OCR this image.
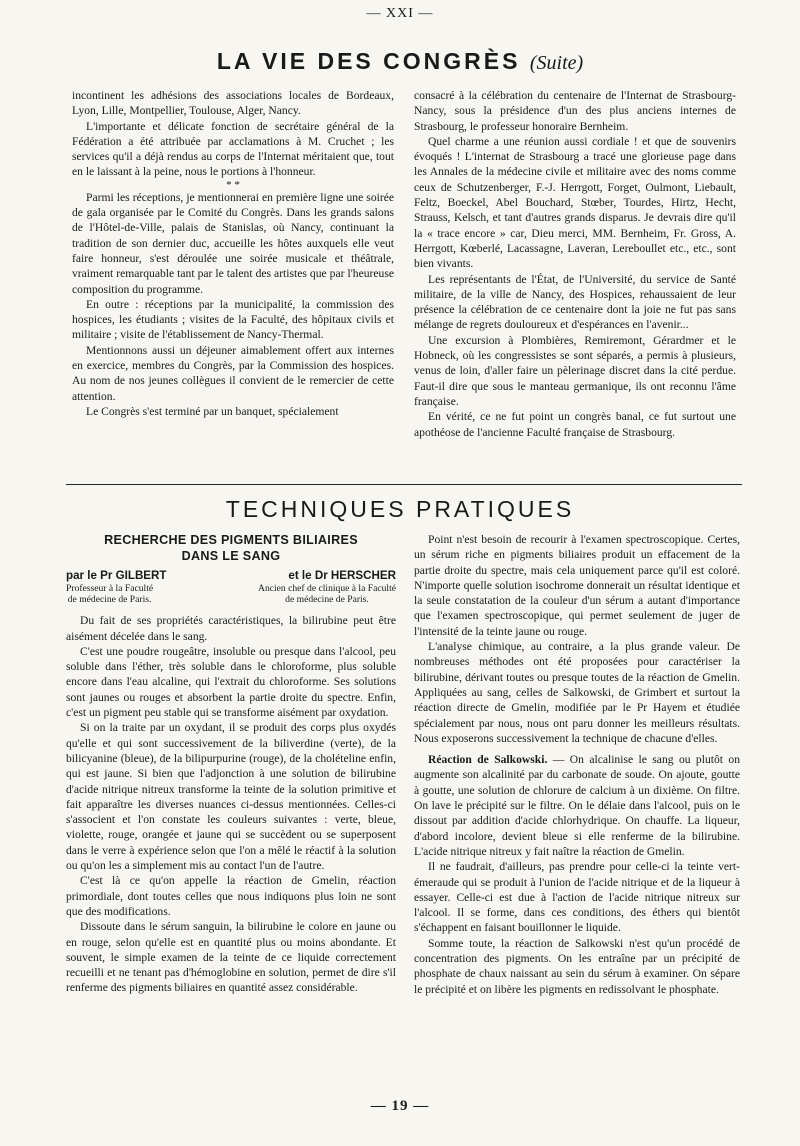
— XXI —
LA VIE DES CONGRÈS (Suite)

incontinent les adhésions des associations locales de Bordeaux, Lyon, Lille, Montpellier, Toulouse, Alger, Nancy.

L'importante et délicate fonction de secrétaire général de la Fédération a été attribuée par acclamations à M. Cruchet ; les services qu'il a déjà rendus au corps de l'Internat méritaient que, tout en le laissant à la peine, nous le portions à l'honneur.

* *

Parmi les réceptions, je mentionnerai en première ligne une soirée de gala organisée par le Comité du Congrès. Dans les grands salons de l'Hôtel-de-Ville, palais de Stanislas, où Nancy, continuant la tradition de son dernier duc, accueille les hôtes auxquels elle veut faire honneur, s'est déroulée une soirée musicale et théâtrale, vraiment remarquable tant par le talent des artistes que par l'heureuse composition du programme.

En outre : réceptions par la municipalité, la commission des hospices, les étudiants ; visites de la Faculté, des hôpitaux civils et militaire ; visite de l'établissement de Nancy-Thermal.

Mentionnons aussi un déjeuner aimablement offert aux internes en exercice, membres du Congrès, par la Commission des hospices. Au nom de nos jeunes collègues il convient de le remercier de cette attention.

Le Congrès s'est terminé par un banquet, spécialement

consacré à la célébration du centenaire de l'Internat de Strasbourg-Nancy, sous la présidence d'un des plus anciens internes de Strasbourg, le professeur honoraire Bernheim.

Quel charme a une réunion aussi cordiale ! et que de souvenirs évoqués ! L'internat de Strasbourg a tracé une glorieuse page dans les Annales de la médecine civile et militaire avec des noms comme ceux de Schutzenberger, F.-J. Herrgott, Forget, Oulmont, Liebault, Feltz, Boeckel, Abel Bouchard, Stœber, Tourdes, Hirtz, Hecht, Strauss, Kelsch, et tant d'autres grands disparus. Je devrais dire qu'il la « trace encore » car, Dieu merci, MM. Bernheim, Fr. Gross, A. Herrgott, Kœberlé, Lacassagne, Laveran, Lereboullet etc., etc., sont bien vivants.

Les représentants de l'État, de l'Université, du service de Santé militaire, de la ville de Nancy, des Hospices, rehaussaient de leur présence la célébration de ce centenaire dont la joie ne fut pas sans mélange de regrets douloureux et d'espérances en l'avenir...

Une excursion à Plombières, Remiremont, Gérardmer et le Hobneck, où les congressistes se sont séparés, a permis à plusieurs, venus de loin, d'aller faire un pèlerinage discret dans la cité perdue. Faut-il dire que sous le manteau germanique, ils ont reconnu l'âme française.

En vérité, ce ne fut point un congrès banal, ce fut surtout une apothéose de l'ancienne Faculté française de Strasbourg.

TECHNIQUES PRATIQUES
RECHERCHE DES PIGMENTS BILIAIRES
DANS LE SANG
par le Pr GILBERT	et le Dr HERSCHER
Professeur à la Faculté
de médecine de Paris.
Ancien chef de clinique à la Faculté
de médecine de Paris.

Du fait de ses propriétés caractéristiques, la bilirubine peut être aisément décelée dans le sang.

C'est une poudre rougeâtre, insoluble ou presque dans l'alcool, peu soluble dans l'éther, très soluble dans le chloroforme, plus soluble encore dans l'eau alcaline, qui l'extrait du chloroforme. Ses solutions sont jaunes ou rouges et absorbent la partie droite du spectre. Enfin, c'est un pigment peu stable qui se transforme aisément par oxydation.

Si on la traite par un oxydant, il se produit des corps plus oxydés qu'elle et qui sont successivement de la biliverdine (verte), de la bilicyanine (bleue), de la bilipurpurine (rouge), de la cholételine enfin, qui est jaune. Si bien que l'adjonction à une solution de bilirubine d'acide nitrique nitreux transforme la teinte de la solution primitive et fait apparaître les diverses nuances ci-dessus mentionnées. Celles-ci s'associent et l'on constate les couleurs suivantes : verte, bleue, violette, rouge, orangée et jaune qui se succèdent ou se superposent dans le verre à expérience selon que l'on a mêlé le réactif à la solution ou qu'on les a simplement mis au contact l'un de l'autre.

C'est là ce qu'on appelle la réaction de Gmelin, réaction primordiale, dont toutes celles que nous indiquons plus loin ne sont que des modifications.

Dissoute dans le sérum sanguin, la bilirubine le colore en jaune ou en rouge, selon qu'elle est en quantité plus ou moins abondante. Et souvent, le simple examen de la teinte de ce liquide correctement recueilli et ne tenant pas d'hémoglobine en solution, permet de dire s'il renferme des pigments biliaires en quantité assez considérable.

Point n'est besoin de recourir à l'examen spectroscopique. Certes, un sérum riche en pigments biliaires produit un effacement de la partie droite du spectre, mais cela uniquement parce qu'il est coloré. N'importe quelle solution isochrome donnerait un résultat identique et la seule constatation de la couleur d'un sérum a autant d'importance que l'examen spectroscopique, qui permet seulement de juger de l'intensité de la teinte jaune ou rouge.

L'analyse chimique, au contraire, a la plus grande valeur. De nombreuses méthodes ont été proposées pour caractériser la bilirubine, dérivant toutes ou presque toutes de la réaction de Gmelin. Appliquées au sang, celles de Salkowski, de Grimbert et surtout la réaction directe de Gmelin, modifiée par le Pr Hayem et étudiée spécialement par nous, nous ont paru donner les meilleurs résultats. Nous exposerons successivement la technique de chacune d'elles.

Réaction de Salkowski. — On alcalinise le sang ou plutôt on augmente son alcalinité par du carbonate de soude. On ajoute, goutte à goutte, une solution de chlorure de calcium à un dixième. On filtre. On lave le précipité sur le filtre. On le délaie dans l'alcool, puis on le dissout par addition d'acide chlorhydrique. On chauffe. La liqueur, d'abord incolore, devient bleue si elle renferme de la bilirubine. L'acide nitrique nitreux y fait naître la réaction de Gmelin.

Il ne faudrait, d'ailleurs, pas prendre pour celle-ci la teinte vert-émeraude qui se produit à l'union de l'acide nitrique et de la liqueur à essayer. Celle-ci est due à l'action de l'acide nitrique nitreux sur l'alcool. Il se forme, dans ces conditions, des éthers qui bientôt s'échappent en faisant bouillonner le liquide.

Somme toute, la réaction de Salkowski n'est qu'un procédé de concentration des pigments. On les entraîne par un précipité de phosphate de chaux naissant au sein du sérum à examiner. On sépare le précipité et on libère les pigments en redissolvant le phosphate.

— 19 —
